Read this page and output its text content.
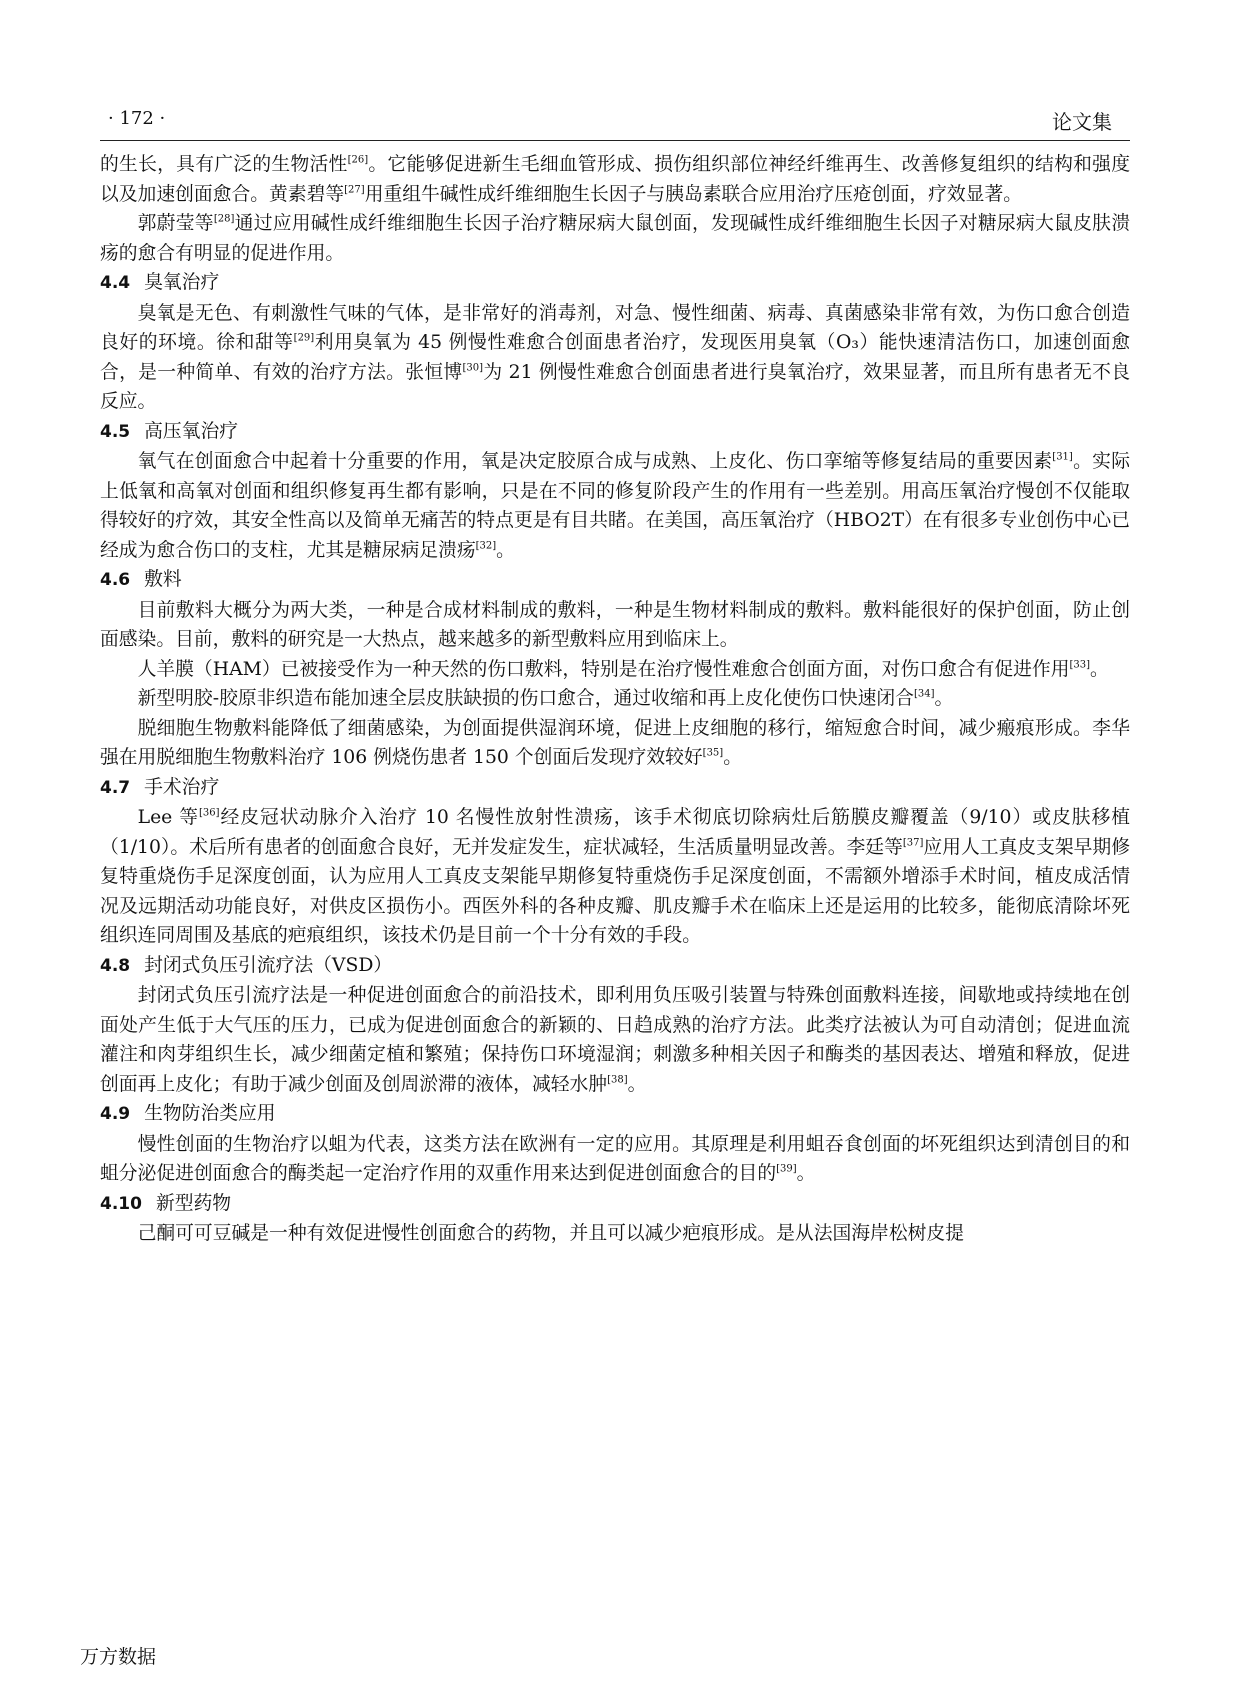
· 172 ·	论文集

的生长，具有广泛的生物活性[26]。它能够促进新生毛细血管形成、损伤组织部位神经纤维再生、改善修复组织的结构和强度以及加速创面愈合。黄素碧等[27]用重组牛碱性成纤维细胞生长因子与胰岛素联合应用治疗压疮创面，疗效显著。

郭蔚莹等[28]通过应用碱性成纤维细胞生长因子治疗糖尿病大鼠创面，发现碱性成纤维细胞生长因子对糖尿病大鼠皮肤溃疡的愈合有明显的促进作用。

4.4 臭氧治疗

臭氧是无色、有刺激性气味的气体，是非常好的消毒剂，对急、慢性细菌、病毒、真菌感染非常有效，为伤口愈合创造良好的环境。徐和甜等[29]利用臭氧为 45 例慢性难愈合创面患者治疗，发现医用臭氧（O₃）能快速清洁伤口，加速创面愈合，是一种简单、有效的治疗方法。张恒博[30]为 21 例慢性难愈合创面患者进行臭氧治疗，效果显著，而且所有患者无不良反应。

4.5 高压氧治疗

氧气在创面愈合中起着十分重要的作用，氧是决定胶原合成与成熟、上皮化、伤口挛缩等修复结局的重要因素[31]。实际上低氧和高氧对创面和组织修复再生都有影响，只是在不同的修复阶段产生的作用有一些差别。用高压氧治疗慢创不仅能取得较好的疗效，其安全性高以及简单无痛苦的特点更是有目共睹。在美国，高压氧治疗（HBO2T）在有很多专业创伤中心已经成为愈合伤口的支柱，尤其是糖尿病足溃疡[32]。

4.6 敷料

目前敷料大概分为两大类，一种是合成材料制成的敷料，一种是生物材料制成的敷料。敷料能很好的保护创面，防止创面感染。目前，敷料的研究是一大热点，越来越多的新型敷料应用到临床上。

人羊膜（HAM）已被接受作为一种天然的伤口敷料，特别是在治疗慢性难愈合创面方面，对伤口愈合有促进作用[33]。

新型明胶-胶原非织造布能加速全层皮肤缺损的伤口愈合，通过收缩和再上皮化使伤口快速闭合[34]。

脱细胞生物敷料能降低了细菌感染，为创面提供湿润环境，促进上皮细胞的移行，缩短愈合时间，减少瘢痕形成。李华强在用脱细胞生物敷料治疗 106 例烧伤患者 150 个创面后发现疗效较好[35]。

4.7 手术治疗

Lee 等[36]经皮冠状动脉介入治疗 10 名慢性放射性溃疡，该手术彻底切除病灶后筋膜皮瓣覆盖（9/10）或皮肤移植（1/10）。术后所有患者的创面愈合良好，无并发症发生，症状减轻，生活质量明显改善。李廷等[37]应用人工真皮支架早期修复特重烧伤手足深度创面，认为应用人工真皮支架能早期修复特重烧伤手足深度创面，不需额外增添手术时间，植皮成活情况及远期活动功能良好，对供皮区损伤小。西医外科的各种皮瓣、肌皮瓣手术在临床上还是运用的比较多，能彻底清除坏死组织连同周围及基底的疤痕组织，该技术仍是目前一个十分有效的手段。

4.8 封闭式负压引流疗法（VSD）

封闭式负压引流疗法是一种促进创面愈合的前沿技术，即利用负压吸引装置与特殊创面敷料连接，间歇地或持续地在创面处产生低于大气压的压力，已成为促进创面愈合的新颖的、日趋成熟的治疗方法。此类疗法被认为可自动清创；促进血流灌注和肉芽组织生长，减少细菌定植和繁殖；保持伤口环境湿润；刺激多种相关因子和酶类的基因表达、增殖和释放，促进创面再上皮化；有助于减少创面及创周淤滞的液体，减轻水肿[38]。

4.9 生物防治类应用

慢性创面的生物治疗以蛆为代表，这类方法在欧洲有一定的应用。其原理是利用蛆吞食创面的坏死组织达到清创目的和蛆分泌促进创面愈合的酶类起一定治疗作用的双重作用来达到促进创面愈合的目的[39]。

4.10 新型药物

己酮可可豆碱是一种有效促进慢性创面愈合的药物，并且可以减少疤痕形成。是从法国海岸松树皮提

万方数据
